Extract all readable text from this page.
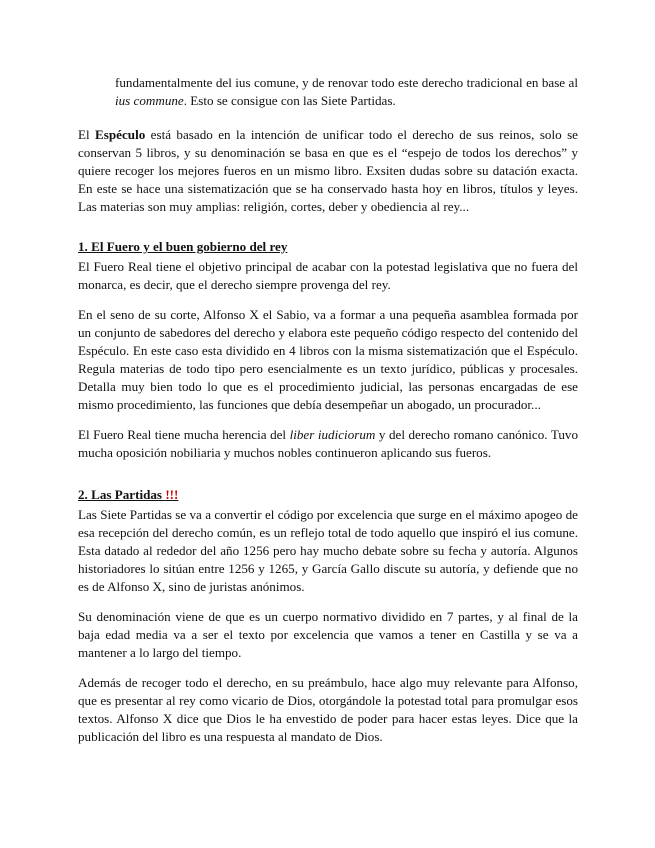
fundamentalmente del ius comune, y de renovar todo este derecho tradicional en base al ius commune. Esto se consigue con las Siete Partidas.

El Espéculo está basado en la intención de unificar todo el derecho de sus reinos, solo se conservan 5 libros, y su denominación se basa en que es el “espejo de todos los derechos” y quiere recoger los mejores fueros en un mismo libro. Exsiten dudas sobre su datación exacta. En este se hace una sistematización que se ha conservado hasta hoy en libros, títulos y leyes. Las materias son muy amplias: religión, cortes, deber y obediencia al rey...

1. El Fuero y el buen gobierno del rey

El Fuero Real tiene el objetivo principal de acabar con la potestad legislativa que no fuera del monarca, es decir, que el derecho siempre provenga del rey.

En el seno de su corte, Alfonso X el Sabio, va a formar a una pequeña asamblea formada por un conjunto de sabedores del derecho y elabora este pequeño código respecto del contenido del Espéculo. En este caso esta dividido en 4 libros con la misma sistematización que el Espéculo. Regula materias de todo tipo pero esencialmente es un texto jurídico, públicas y procesales. Detalla muy bien todo lo que es el procedimiento judicial, las personas encargadas de ese mismo procedimiento, las funciones que debía desempeñar un abogado, un procurador...

El Fuero Real tiene mucha herencia del liber iudiciorum y del derecho romano canónico. Tuvo mucha oposición nobiliaria y muchos nobles continueron aplicando sus fueros.

2. Las Partidas !!!

Las Siete Partidas se va a convertir el código por excelencia que surge en el máximo apogeo de esa recepción del derecho común, es un reflejo total de todo aquello que inspiró el ius comune. Esta datado al rededor del año 1256 pero hay mucho debate sobre su fecha y autoría. Algunos historiadores lo sitúan entre 1256 y 1265, y García Gallo discute su autoría, y defiende que no es de Alfonso X, sino de juristas anónimos.

Su denominación viene de que es un cuerpo normativo dividido en 7 partes, y al final de la baja edad media va a ser el texto por excelencia que vamos a tener en Castilla y se va a mantener a lo largo del tiempo.

Además de recoger todo el derecho, en su preámbulo, hace algo muy relevante para Alfonso, que es presentar al rey como vicario de Dios, otorgándole la potestad total para promulgar esos textos. Alfonso X dice que Dios le ha envestido de poder para hacer estas leyes. Dice que la publicación del libro es una respuesta al mandato de Dios.
